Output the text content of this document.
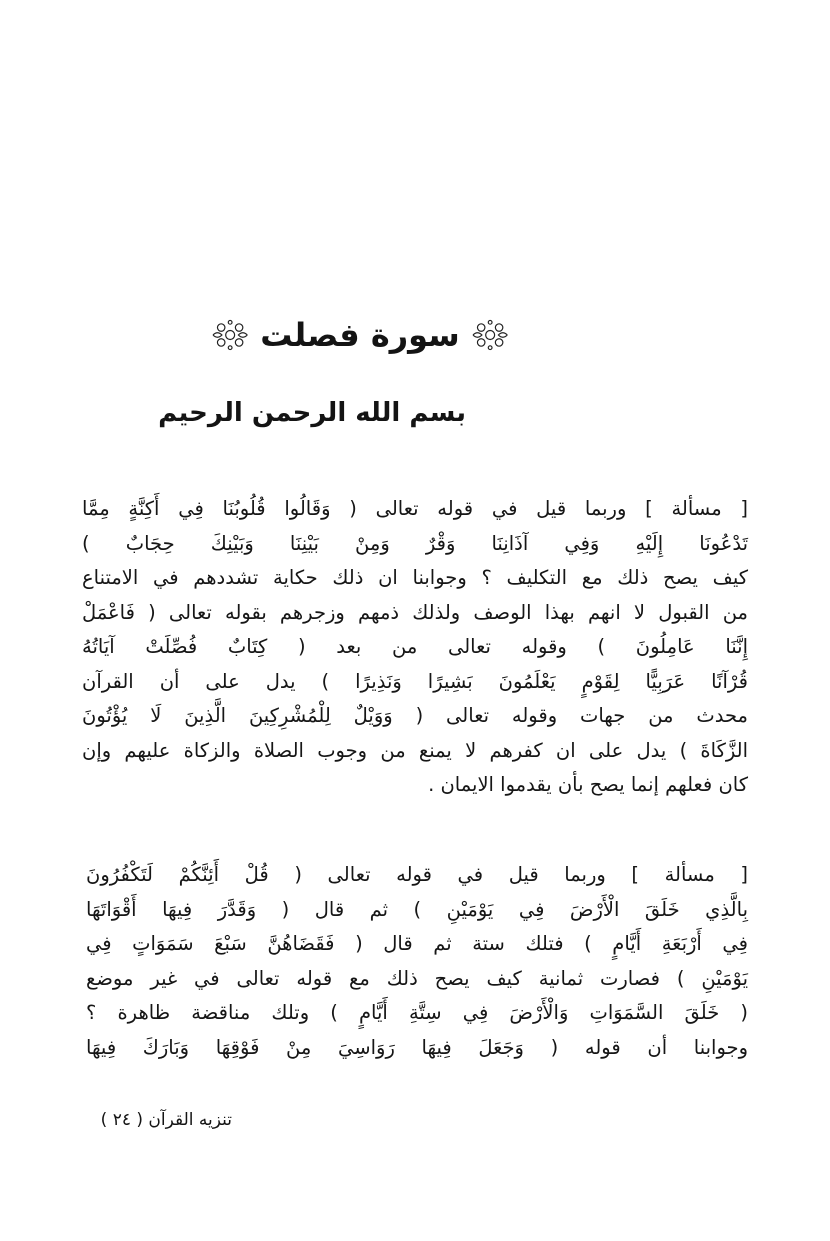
سورة فصلت
بسم الله الرحمن الرحيم
[ مسألة ] وربما قيل في قوله تعالى ( وَقَالُوا قُلُوبُنَا فِي أَكِنَّةٍ مِمَّا
تَدْعُونَا إِلَيْهِ وَفِي آذَانِنَا وَقْرٌ وَمِنْ بَيْنِنَا وَبَيْنِكَ حِجَابٌ )
كيف يصح ذلك مع التكليف ؟ وجوابنا ان ذلك حكاية تشددهم في الامتناع
من القبول لا انهم بهذا الوصف ولذلك ذمهم وزجرهم بقوله تعالى ( فَاعْمَلْ
إِنَّنَا عَامِلُونَ ) وقوله تعالى من بعد ( كِتَابٌ فُصِّلَتْ آيَاتُهُ
قُرْآنًا عَرَبِيًّا لِقَوْمٍ يَعْلَمُونَ بَشِيرًا وَنَذِيرًا ) يدل على أن القرآن
محدث من جهات وقوله تعالى ( وَوَيْلٌ لِلْمُشْرِكِينَ الَّذِينَ لَا يُؤْتُونَ
الزَّكَاةَ ) يدل على ان كفرهم لا يمنع من وجوب الصلاة والزكاة عليهم وإن
كان فعلهم إنما يصح بأن يقدموا الايمان .
[ مسألة ] وربما قيل في قوله تعالى ( قُلْ أَئِنَّكُمْ لَتَكْفُرُونَ
بِالَّذِي خَلَقَ الْأَرْضَ فِي يَوْمَيْنِ ) ثم قال ( وَقَدَّرَ فِيهَا أَقْوَاتَهَا
فِي أَرْبَعَةِ أَيَّامٍ ) فتلك ستة ثم قال ( فَقَضَاهُنَّ سَبْعَ سَمَوَاتٍ فِي
يَوْمَيْنِ ) فصارت ثمانية كيف يصح ذلك مع قوله تعالى في غير موضع
( خَلَقَ السَّمَوَاتِ وَالْأَرْضَ فِي سِتَّةِ أَيَّامٍ ) وتلك مناقضة ظاهرة ؟
وجوابنا أن قوله ( وَجَعَلَ فِيهَا رَوَاسِيَ مِنْ فَوْقِهَا وَبَارَكَ فِيهَا
تنزيه القرآن ( ٢٤ )
